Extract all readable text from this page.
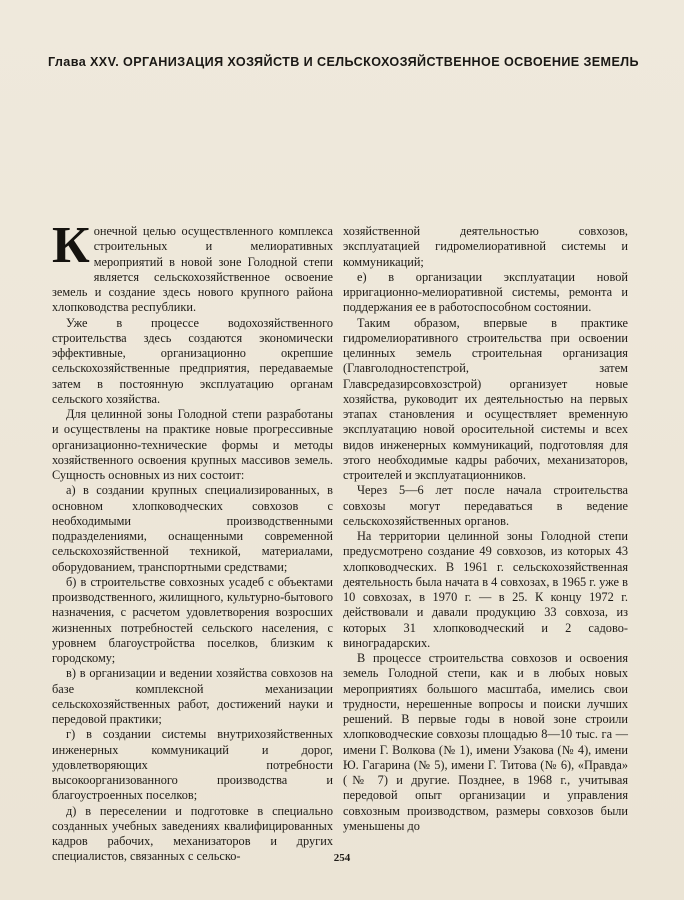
Глава XXV. ОРГАНИЗАЦИЯ ХОЗЯЙСТВ И СЕЛЬСКОХОЗЯЙСТВЕННОЕ ОСВОЕНИЕ ЗЕМЕЛЬ

Конечной целью осуществленного комплекса строительных и мелиоративных мероприятий в новой зоне Голодной степи является сельскохозяйственное освоение земель и создание здесь нового крупного района хлопководства республики.

Уже в процессе водохозяйственного строительства здесь создаются экономически эффективные, организационно окрепшие сельскохозяйственные предприятия, передаваемые затем в постоянную эксплуатацию органам сельского хозяйства.

Для целинной зоны Голодной степи разработаны и осуществлены на практике новые прогрессивные организационно-технические формы и методы хозяйственного освоения крупных массивов земель. Сущность основных из них состоит:

а) в создании крупных специализированных, в основном хлопководческих совхозов с необходимыми производственными подразделениями, оснащенными современной сельскохозяйственной техникой, материалами, оборудованием, транспортными средствами;

б) в строительстве совхозных усадеб с объектами производственного, жилищного, культурно-бытового назначения, с расчетом удовлетворения возросших жизненных потребностей сельского населения, с уровнем благоустройства поселков, близким к городскому;

в) в организации и ведении хозяйства совхозов на базе комплексной механизации сельскохозяйственных работ, достижений науки и передовой практики;

г) в создании системы внутрихозяйственных инженерных коммуникаций и дорог, удовлетворяющих потребности высокоорганизованного производства и благоустроенных поселков;

д) в переселении и подготовке в специально созданных учебных заведениях квалифицированных кадров рабочих, механизаторов и других специалистов, связанных с сельско-

хозяйственной деятельностью совхозов, эксплуатацией гидромелиоративной системы и коммуникаций;

е) в организации эксплуатации новой ирригационно-мелиоративной системы, ремонта и поддержания ее в работоспособном состоянии.

Таким образом, впервые в практике гидромелиоративного строительства при освоении целинных земель строительная организация (Главголодностепстрой, затем Главсредазирсовхозстрой) организует новые хозяйства, руководит их деятельностью на первых этапах становления и осуществляет временную эксплуатацию новой оросительной системы и всех видов инженерных коммуникаций, подготовляя для этого необходимые кадры рабочих, механизаторов, строителей и эксплуатационников.

Через 5—6 лет после начала строительства совхозы могут передаваться в ведение сельскохозяйственных органов.

На территории целинной зоны Голодной степи предусмотрено создание 49 совхозов, из которых 43 хлопководческих. В 1961 г. сельскохозяйственная деятельность была начата в 4 совхозах, в 1965 г. уже в 10 совхозах, в 1970 г. — в 25. К концу 1972 г. действовали и давали продукцию 33 совхоза, из которых 31 хлопководческий и 2 садово-виноградарских.

В процессе строительства совхозов и освоения земель Голодной степи, как и в любых новых мероприятиях большого масштаба, имелись свои трудности, нерешенные вопросы и поиски лучших решений. В первые годы в новой зоне строили хлопководческие совхозы площадью 8—10 тыс. га — имени Г. Волкова (№ 1), имени Узакова (№ 4), имени Ю. Гагарина (№ 5), имени Г. Титова (№ 6), «Правда» (№ 7) и другие. Позднее, в 1968 г., учитывая передовой опыт организации и управления совхозным производством, размеры совхозов были уменьшены до

254
